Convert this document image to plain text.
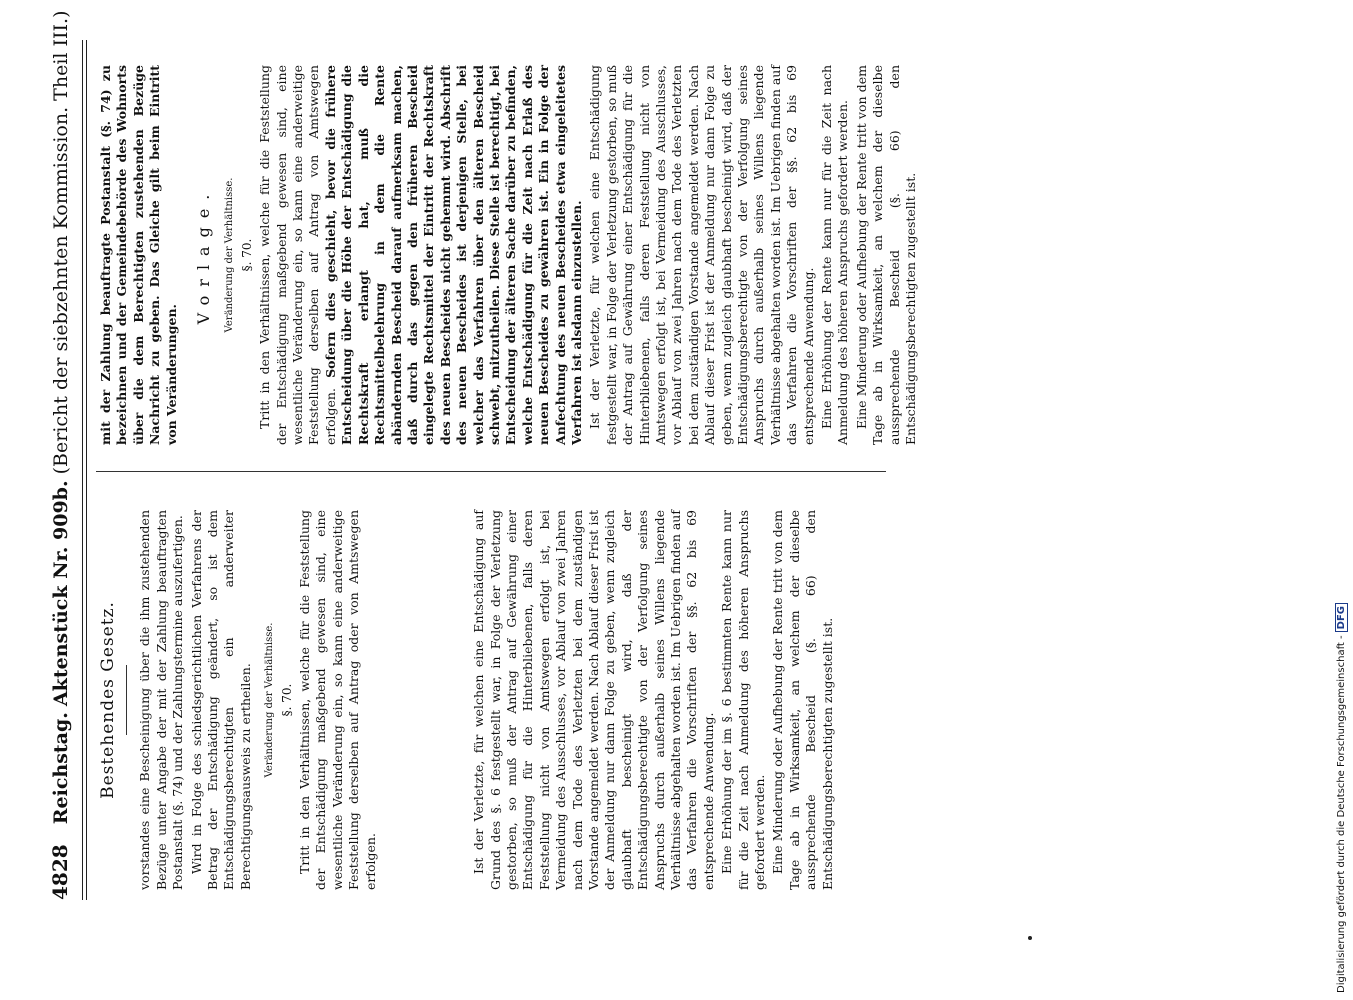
4828 Reichstag. Aktenstück Nr. 909b. (Bericht der siebzehnten Kommission. Theil III.)
Bestehendes Gesetz. vorstandes eine Bescheinigung über die ihm zustehenden Bezüge unter Angabe der mit der Zahlung beauftragten Postanstalt (§. 74) und der Zahlungstermine auszufertigen. Wird in Folge des schiedsgerichtlichen Verfahrens der Betrag der Entschädigung geändert, so ist dem Entschädigungsberechtigten ein anderweiter Berechtigungsausweis zu ertheilen. Veränderung der Verhältnisse. §. 70. Tritt in den Verhältnissen, welche für die Feststellung der Entschädigung maßgebend gewesen sind, eine wesentliche Veränderung ein, so kann eine anderweitige Feststellung derselben auf Antrag oder von Amtswegen erfolgen.	Ist der Verletzte, für welchen eine Entschädigung auf Grund des §. 6 festgestellt war, in Folge der Verletzung gestorben, so muß der Antrag auf Gewährung einer Entschädigung für die Hinterbliebenen, falls deren Feststellung nicht von Amtswegen erfolgt ist, bei Vermeidung des Ausschlusses, vor Ablauf von zwei Jahren nach dem Tode des Verletzten bei dem zuständigen Vorstande angemeldet werden. Nach Ablauf dieser Frist ist der Anmeldung nur dann Folge zu geben, wenn zugleich glaubhaft bescheinigt wird, daß der Entschädigungsberechtigte von der Verfolgung seines Anspruchs durch außerhalb seines Willens liegende Verhältnisse abgehalten worden ist. Im Uebrigen finden auf das Verfahren die Vorschriften der §§. 62 bis 69 entsprechende Anwendung. Eine Erhöhung der im §. 6 bestimmten Rente kann nur für die Zeit nach Anmeldung des höheren Anspruchs gefordert werden. Eine Minderung oder Aufhebung der Rente tritt von dem Tage ab in Wirksamkeit, an welchem der dieselbe aussprechende Bescheid (§. 66) den Entschädigungsberechtigten zugestellt ist.

mit der Zahlung beauftragte Postanstalt (§. 74) zu bezeichnen und der Gemeindebehörde des Wohnorts über die dem Berechtigten zustehenden Bezüge Nachricht zu geben. Das Gleiche gilt beim Eintritt von Veränderungen.

Vorlage. Veränderung der Verhältnisse. §. 70. Tritt in den Verhältnissen, welche für die Feststellung der Entschädigung maßgebend gewesen sind, eine wesentliche Veränderung ein, so kann eine anderweitige Feststellung derselben auf Antrag von Amtswegen erfolgen. Sofern dies geschieht, bevor die frühere Entscheidung über die Höhe der Entschädigung die Rechtskraft erlangt hat, muß die Rechtsmittelbelehrung in dem die Rente abändernden Bescheid darauf aufmerksam machen, daß durch das gegen den früheren Bescheid eingelegte Rechtsmittel der Eintritt der Rechtskraft des neuen Bescheides nicht gehemmt wird. Abschrift des neuen Bescheides ist derjenigen Stelle, bei welcher das Verfahren über den älteren Bescheid schwebt, mitzutheilen. Diese Stelle ist berechtigt, bei Entscheidung der älteren Sache darüber zu befinden, welche Entschädigung für die Zeit nach Erlaß des neuen Bescheides zu gewähren ist. Ein in Folge der Anfechtung des neuen Bescheides etwa eingeleitetes Verfahren ist alsdann einzustellen. Ist der Verletzte, für welchen eine Entschädigung festgestellt war, in Folge der Verletzung gestorben, so muß der Antrag auf Gewährung einer Entschädigung für die Hinterbliebenen, falls deren Feststellung nicht von Amtswegen erfolgt ist, bei Vermeidung des Ausschlusses, vor Ablauf von zwei Jahren nach dem Tode des Verletzten bei dem zuständigen Vorstande angemeldet werden. Nach Ablauf dieser Frist ist der Anmeldung nur dann Folge zu geben, wenn zugleich glaubhaft bescheinigt wird, daß der Entschädigungsberechtigte von der Verfolgung seines Anspruchs durch außerhalb seines Willens liegende Verhältnisse abgehalten worden ist. Im Uebrigen finden auf das Verfahren die Vorschriften der §§. 62 bis 69 entsprechende Anwendung. Eine Erhöhung der Rente kann nur für die Zeit nach Anmeldung des höheren Anspruchs gefordert werden. Eine Minderung oder Aufhebung der Rente tritt von dem Tage ab in Wirksamkeit, an welchem der dieselbe aussprechende Bescheid (§. 66) den Entschädigungsberechtigten zugestellt ist.

Digitalisierung gefördert durch die Deutsche Forschungsgemeinschaft -DFG
